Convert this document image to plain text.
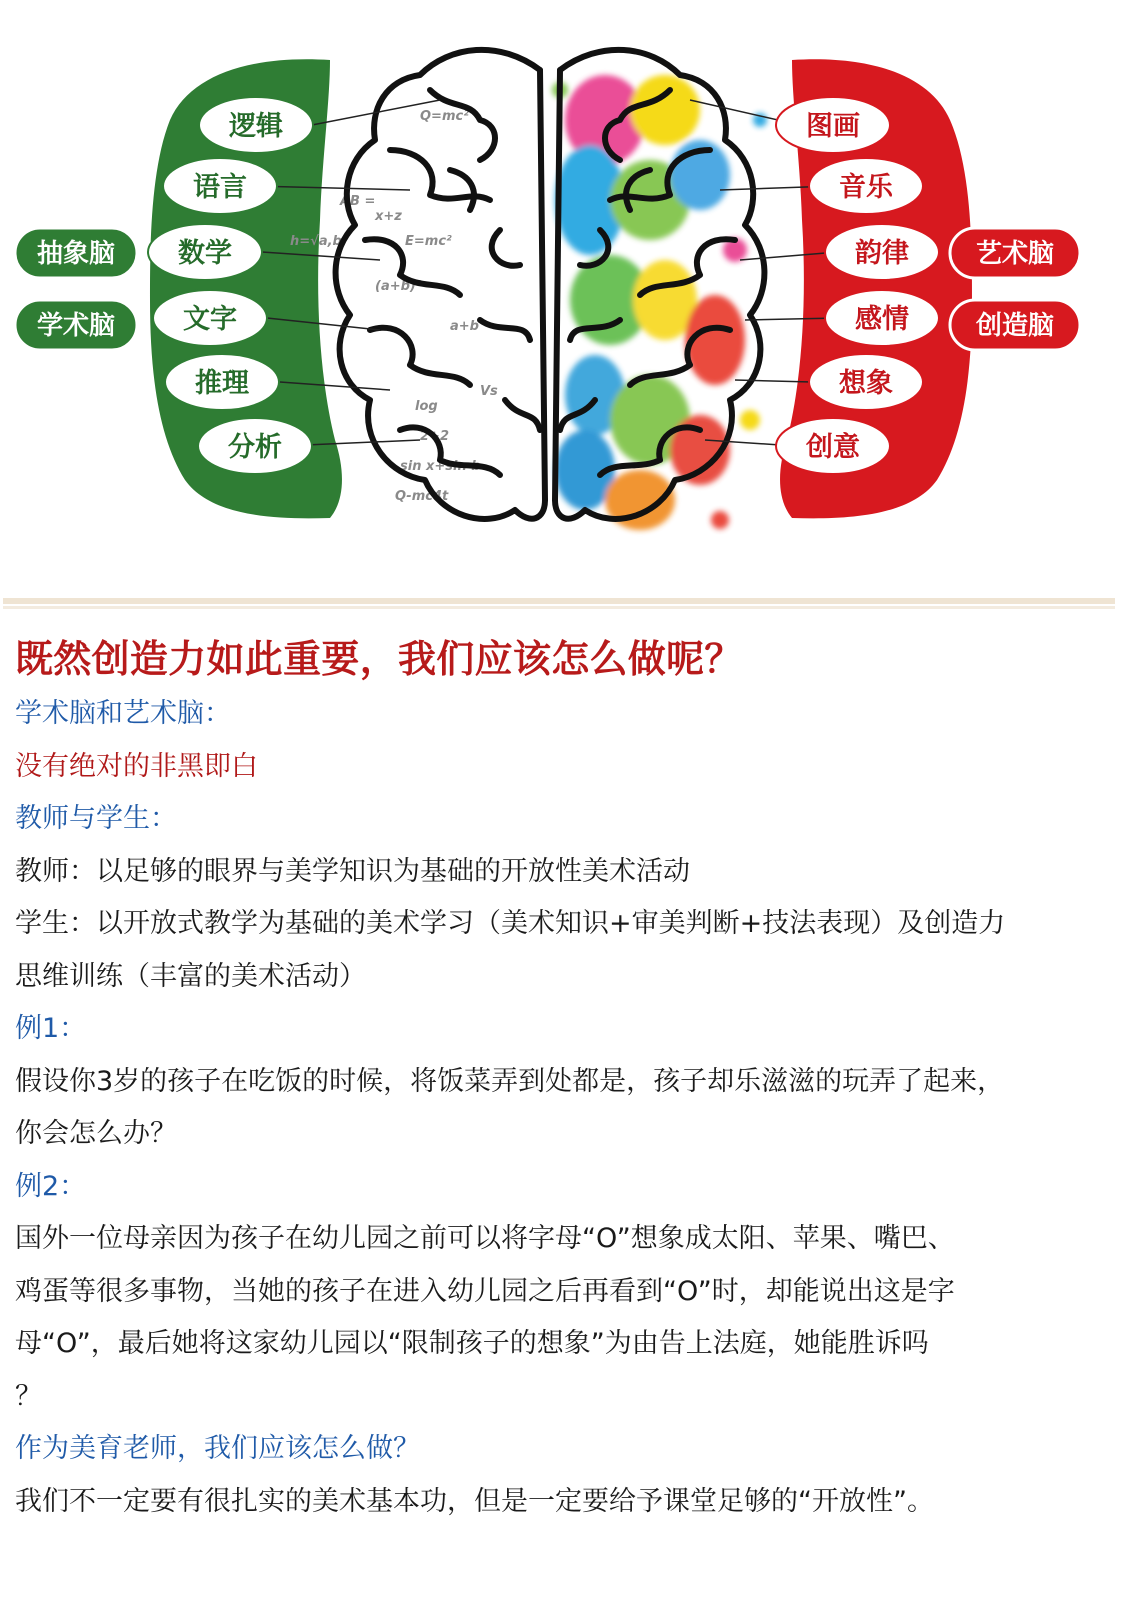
Q=mc²
E=mc²
AB =
(a+b)²
log
a+b
x+z
2+2
h=√a,b
sin x+sin b
Vs
Q-mc4t
逻辑
语言
数学
文字
推理
分析
抽象脑
学术脑
图画
音乐
韵律
感情
想象
创意
艺术脑
创造脑
既然创造力如此重要，我们应该怎么做呢？
学术脑和艺术脑：
没有绝对的非黑即白
教师与学生：
教师：以足够的眼界与美学知识为基础的开放性美术活动
学生：以开放式教学为基础的美术学习（美术知识+审美判断+技法表现）及创造力
思维训练（丰富的美术活动）
例1：
假设你3岁的孩子在吃饭的时候，将饭菜弄到处都是，孩子却乐滋滋的玩弄了起来，
你会怎么办？
例2：
国外一位母亲因为孩子在幼儿园之前可以将字母“O”想象成太阳、苹果、嘴巴、
鸡蛋等很多事物，当她的孩子在进入幼儿园之后再看到“O”时，却能说出这是字
母“O”，最后她将这家幼儿园以“限制孩子的想象”为由告上法庭，她能胜诉吗
？
作为美育老师，我们应该怎么做？
我们不一定要有很扎实的美术基本功，但是一定要给予课堂足够的“开放性”。
